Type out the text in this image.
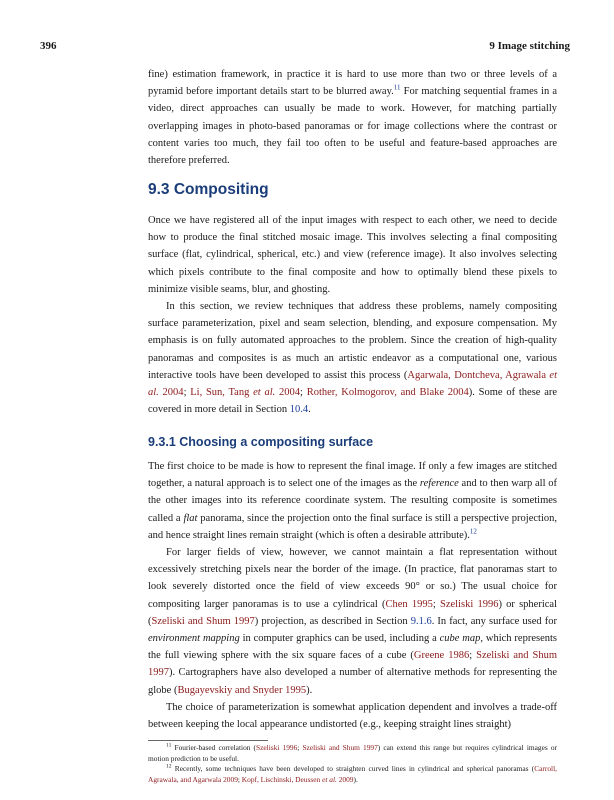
396	9 Image stitching

fine) estimation framework, in practice it is hard to use more than two or three levels of a pyramid before important details start to be blurred away.$^{11}$ For matching sequential frames in a video, direct approaches can usually be made to work. However, for matching partially overlapping images in photo-based panoramas or for image collections where the contrast or content varies too much, they fail too often to be useful and feature-based approaches are therefore preferred.

9.3 Compositing

Once we have registered all of the input images with respect to each other, we need to decide how to produce the final stitched mosaic image. This involves selecting a final compositing surface (flat, cylindrical, spherical, etc.) and view (reference image). It also involves selecting which pixels contribute to the final composite and how to optimally blend these pixels to minimize visible seams, blur, and ghosting.

In this section, we review techniques that address these problems, namely compositing surface parameterization, pixel and seam selection, blending, and exposure compensation. My emphasis is on fully automated approaches to the problem. Since the creation of high-quality panoramas and composites is as much an artistic endeavor as a computational one, various interactive tools have been developed to assist this process (Agarwala, Dontcheva, Agrawala et al. 2004; Li, Sun, Tang et al. 2004; Rother, Kolmogorov, and Blake 2004). Some of these are covered in more detail in Section 10.4.

9.3.1 Choosing a compositing surface

The first choice to be made is how to represent the final image. If only a few images are stitched together, a natural approach is to select one of the images as the reference and to then warp all of the other images into its reference coordinate system. The resulting composite is sometimes called a flat panorama, since the projection onto the final surface is still a perspective projection, and hence straight lines remain straight (which is often a desirable attribute).$^{12}$

For larger fields of view, however, we cannot maintain a flat representation without excessively stretching pixels near the border of the image. (In practice, flat panoramas start to look severely distorted once the field of view exceeds 90° or so.) The usual choice for compositing larger panoramas is to use a cylindrical (Chen 1995; Szeliski 1996) or spherical (Szeliski and Shum 1997) projection, as described in Section 9.1.6. In fact, any surface used for environment mapping in computer graphics can be used, including a cube map, which represents the full viewing sphere with the six square faces of a cube (Greene 1986; Szeliski and Shum 1997). Cartographers have also developed a number of alternative methods for representing the globe (Bugayevskiy and Snyder 1995).

The choice of parameterization is somewhat application dependent and involves a trade-off between keeping the local appearance undistorted (e.g., keeping straight lines straight)

$^{11}$ Fourier-based correlation (Szeliski 1996; Szeliski and Shum 1997) can extend this range but requires cylindrical images or motion prediction to be useful.

$^{12}$ Recently, some techniques have been developed to straighten curved lines in cylindrical and spherical panoramas (Carroll, Agrawala, and Agarwala 2009; Kopf, Lischinski, Deussen et al. 2009).
